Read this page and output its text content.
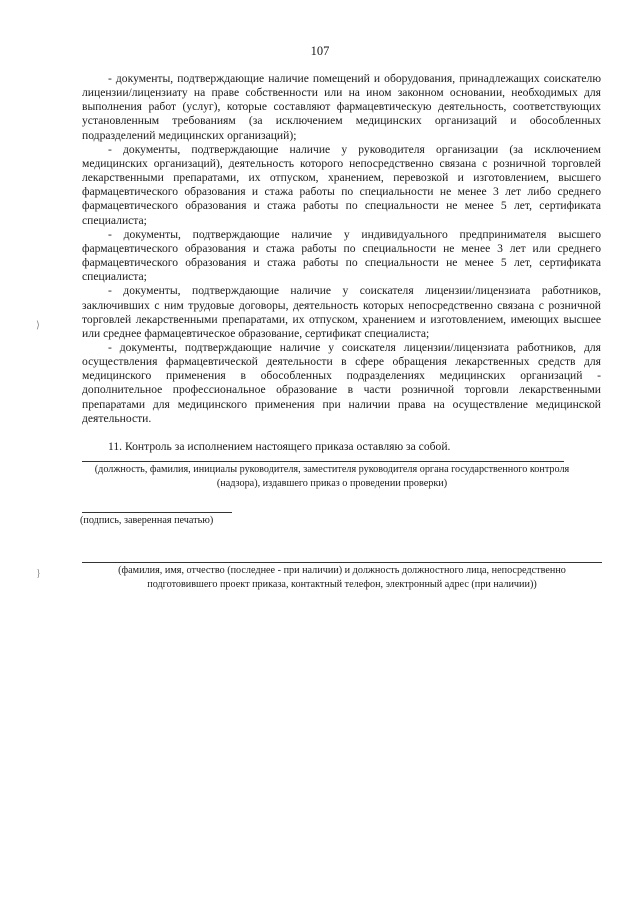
107

- документы, подтверждающие наличие помещений и оборудования, принадлежащих соискателю лицензии/лицензиату на праве собственности или на ином законном основании, необходимых для выполнения работ (услуг), которые составляют фармацевтическую деятельность, соответствующих установленным требованиям (за исключением медицинских организаций и обособленных подразделений медицинских организаций);

- документы, подтверждающие наличие у руководителя организации (за исключением медицинских организаций), деятельность которого непосредственно связана с розничной торговлей лекарственными препаратами, их отпуском, хранением, перевозкой и изготовлением, высшего фармацевтического образования и стажа работы по специальности не менее 3 лет либо среднего фармацевтического образования и стажа работы по специальности не менее 5 лет, сертификата специалиста;

- документы, подтверждающие наличие у индивидуального предпринимателя высшего фармацевтического образования и стажа работы по специальности не менее 3 лет или среднего фармацевтического образования и стажа работы по специальности не менее 5 лет, сертификата специалиста;

- документы, подтверждающие наличие у соискателя лицензии/лицензиата работников, заключивших с ним трудовые договоры, деятельность которых непосредственно связана с розничной торговлей лекарственными препаратами, их отпуском, хранением и изготовлением, имеющих высшее или среднее фармацевтическое образование, сертификат специалиста;

- документы, подтверждающие наличие у соискателя лицензии/лицензиата работников, для осуществления фармацевтической деятельности в сфере обращения лекарственных средств для медицинского применения в обособленных подразделениях медицинских организаций - дополнительное профессиональное образование в части розничной торговли лекарственными препаратами для медицинского применения при наличии права на осуществление медицинской деятельности.

11. Контроль за исполнением настоящего приказа оставляю за собой.

(должность, фамилия, инициалы руководителя, заместителя руководителя органа государственного контроля (надзора), издавшего приказ о проведении проверки)
(подпись, заверенная печатью)
(фамилия, имя, отчество (последнее - при наличии) и должность должностного лица, непосредственно подготовившего проект приказа, контактный телефон, электронный адрес (при наличии))
⟩
}
